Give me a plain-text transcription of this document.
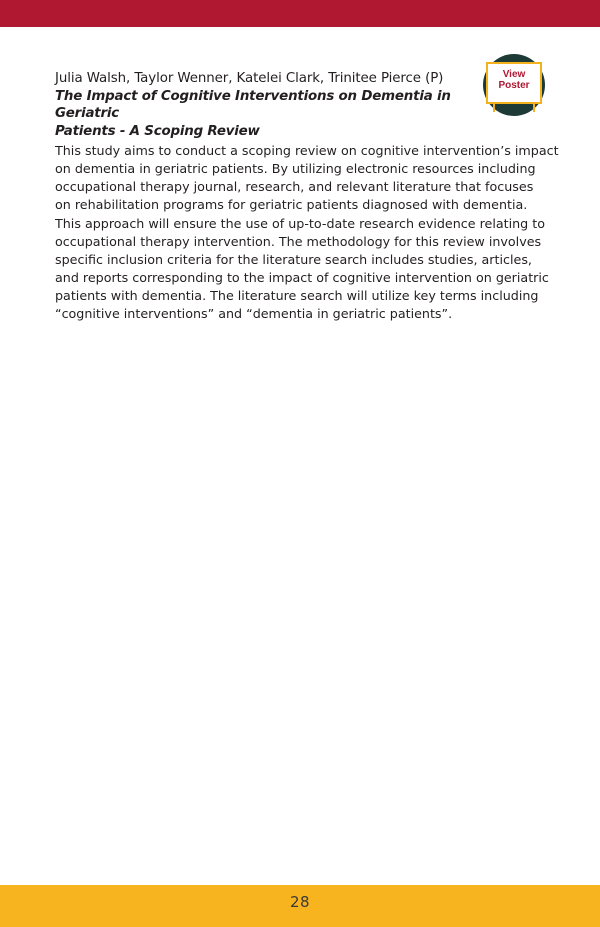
Julia Walsh, Taylor Wenner, Katelei Clark, Trinitee Pierce (P)

The Impact of Cognitive Interventions on Dementia in Geriatric
Patients - A Scoping Review

This study aims to conduct a scoping review on cognitive intervention’s impact
on dementia in geriatric patients. By utilizing electronic resources including
occupational therapy journal, research, and relevant literature that focuses
on rehabilitation programs for geriatric patients diagnosed with dementia.
This approach will ensure the use of up-to-date research evidence relating to
occupational therapy intervention. The methodology for this review involves
specific inclusion criteria for the literature search includes studies, articles,
and reports corresponding to the impact of cognitive intervention on geriatric
patients with dementia. The literature search will utilize key terms including
“cognitive interventions” and “dementia in geriatric patients”.

View
Poster
28
